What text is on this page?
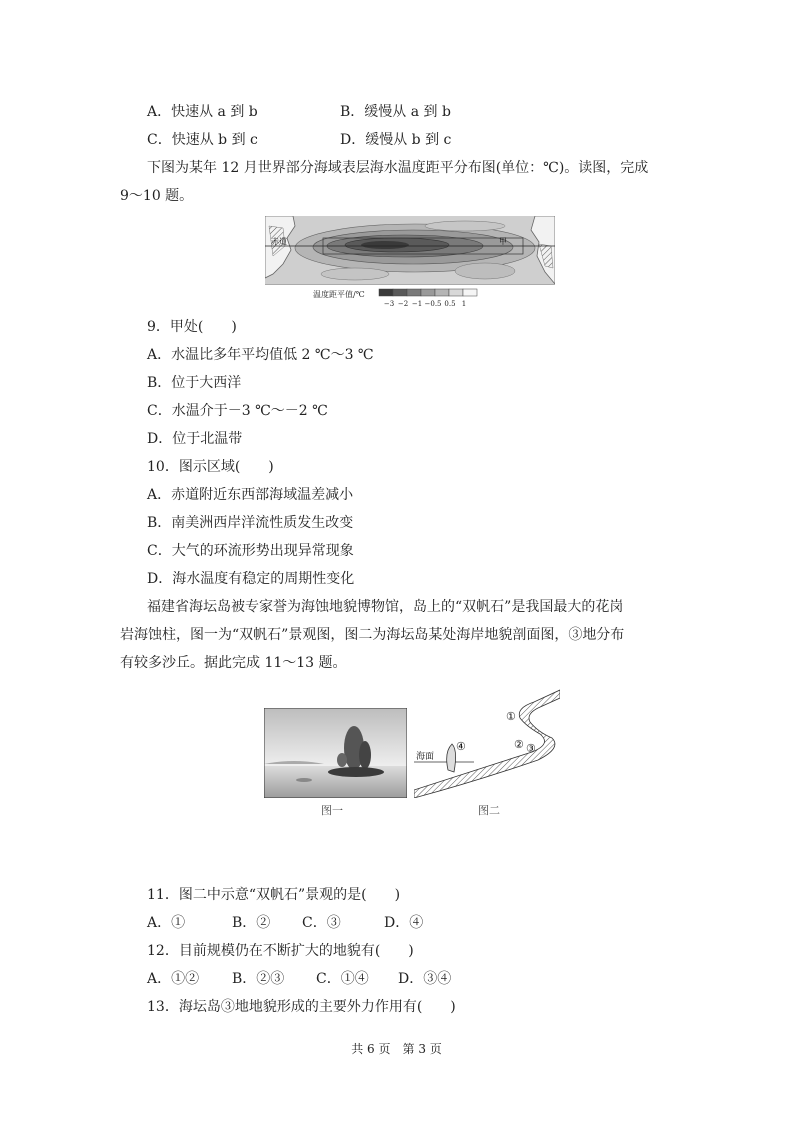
A．快速从 a 到 b	B．缓慢从 a 到 b
C．快速从 b 到 c	D．缓慢从 b 到 c
下图为某年 12 月世界部分海域表层海水温度距平分布图(单位：℃)。读图，完成
9～10 题。
赤道	甲
温度距平值/℃
−3 −2 −1 −0.5 0.5 1
9．甲处(　　)
A．水温比多年平均值低 2 ℃～3 ℃
B．位于大西洋
C．水温介于－3 ℃～－2 ℃
D．位于北温带
10．图示区域(　　)
A．赤道附近东西部海域温差减小
B．南美洲西岸洋流性质发生改变
C．大气的环流形势出现异常现象
D．海水温度有稳定的周期性变化
福建省海坛岛被专家誉为海蚀地貌博物馆，岛上的“双帆石”是我国最大的花岗
岩海蚀柱，图一为“双帆石”景观图，图二为海坛岛某处海岸地貌剖面图，③地分布
有较多沙丘。据此完成 11～13 题。
图一
海面
①
② ③
④
图二
11．图二中示意“双帆石”景观的是(　　)
A．①	B．② C．③	D．④
12．目前规模仍在不断扩大的地貌有(　　)
A．①② B．②③ C．①④ D．③④
13．海坛岛③地地貌形成的主要外力作用有(　　)
共 6 页　第 3 页
